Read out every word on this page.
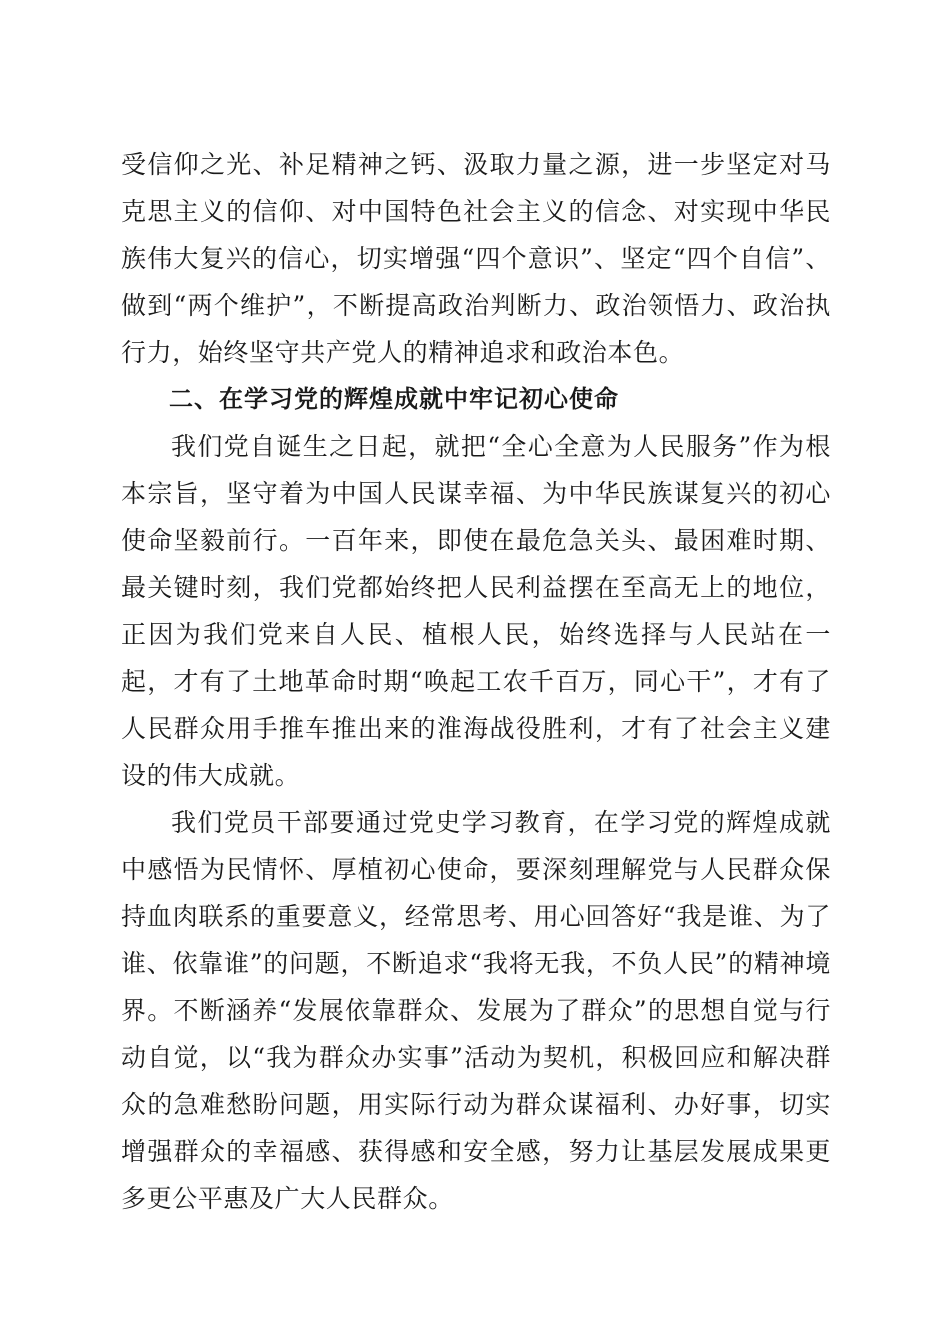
受信仰之光、补足精神之钙、汲取力量之源，进一步坚定对马克思主义的信仰、对中国特色社会主义的信念、对实现中华民族伟大复兴的信心，切实增强“四个意识”、坚定“四个自信”、做到“两个维护”，不断提高政治判断力、政治领悟力、政治执行力，始终坚守共产党人的精神追求和政治本色。

二、在学习党的辉煌成就中牢记初心使命

我们党自诞生之日起，就把“全心全意为人民服务”作为根本宗旨，坚守着为中国人民谋幸福、为中华民族谋复兴的初心使命坚毅前行。一百年来，即使在最危急关头、最困难时期、最关键时刻，我们党都始终把人民利益摆在至高无上的地位，正因为我们党来自人民、植根人民，始终选择与人民站在一起，才有了土地革命时期“唤起工农千百万，同心干”，才有了人民群众用手推车推出来的淮海战役胜利，才有了社会主义建设的伟大成就。

我们党员干部要通过党史学习教育，在学习党的辉煌成就中感悟为民情怀、厚植初心使命，要深刻理解党与人民群众保持血肉联系的重要意义，经常思考、用心回答好“我是谁、为了谁、依靠谁”的问题，不断追求“我将无我，不负人民”的精神境界。不断涵养“发展依靠群众、发展为了群众”的思想自觉与行动自觉，以“我为群众办实事”活动为契机，积极回应和解决群众的急难愁盼问题，用实际行动为群众谋福利、办好事，切实增强群众的幸福感、获得感和安全感，努力让基层发展成果更多更公平惠及广大人民群众。
